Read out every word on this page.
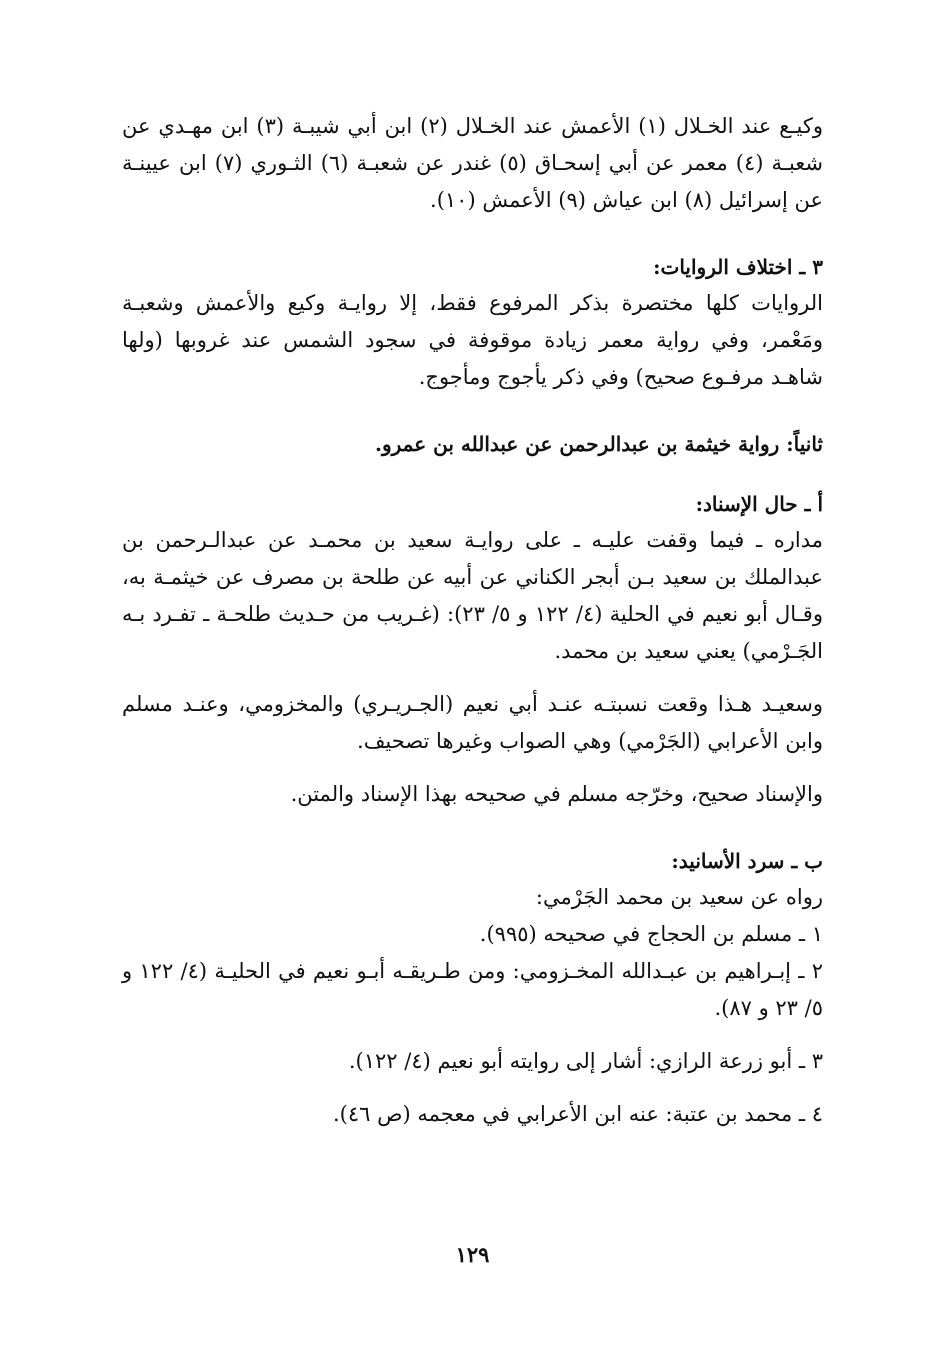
وكيـع عند الخـلال (١) الأعمش عند الخـلال (٢) ابن أبي شيبـة (٣) ابن مهـدي عن شعبـة (٤) معمر عن أبي إسحـاق (٥) غندر عن شعبـة (٦) الثـوري (٧) ابن عيينـة عن إسرائيل (٨) ابن عياش (٩) الأعمش (١٠).

٣ ـ اختلاف الروايات:

الروايات كلها مختصرة بذكر المرفوع فقط، إلا روايـة وكيع والأعمش وشعبـة ومَعْمر، وفي رواية معمر زيادة موقوفة في سجود الشمس عند غروبها (ولها شاهـد مرفـوع صحيح) وفي ذكر يأجوج ومأجوج.

ثانياً: رواية خيثمة بن عبدالرحمن عن عبدالله بن عمرو.

أ ـ حال الإسناد:

مداره ـ فيما وقفت عليـه ـ على روايـة سعيد بن محمـد عن عبدالـرحمن بن عبدالملك بن سعيد بـن أبجر الكناني عن أبيه عن طلحة بن مصرف عن خيثمـة به، وقـال أبو نعيم في الحلية (٤/ ١٢٢ و ٥/ ٢٣): (غـريب من حـديث طلحـة ـ تفـرد بـه الجَـرْمي) يعني سعيد بن محمد.

وسعيـد هـذا وقعت نسبتـه عنـد أبي نعيم (الجـريـري) والمخزومي، وعنـد مسلم وابن الأعرابي (الجَرْمي) وهي الصواب وغيرها تصحيف.

والإسناد صحيح، وخرّجه مسلم في صحيحه بهذا الإسناد والمتن.

ب ـ سرد الأسانيد:

رواه عن سعيد بن محمد الجَرْمي:

١ ـ مسلم بن الحجاج في صحيحه (٩٩٥).

٢ ـ إبـراهيم بن عبـدالله المخـزومي: ومن طـريقـه أبـو نعيم في الحليـة (٤/ ١٢٢ و ٥/ ٢٣ و ٨٧).

٣ ـ أبو زرعة الرازي: أشار إلى روايته أبو نعيم (٤/ ١٢٢).

٤ ـ محمد بن عتبة: عنه ابن الأعرابي في معجمه (ص ٤٦).

١٢٩
